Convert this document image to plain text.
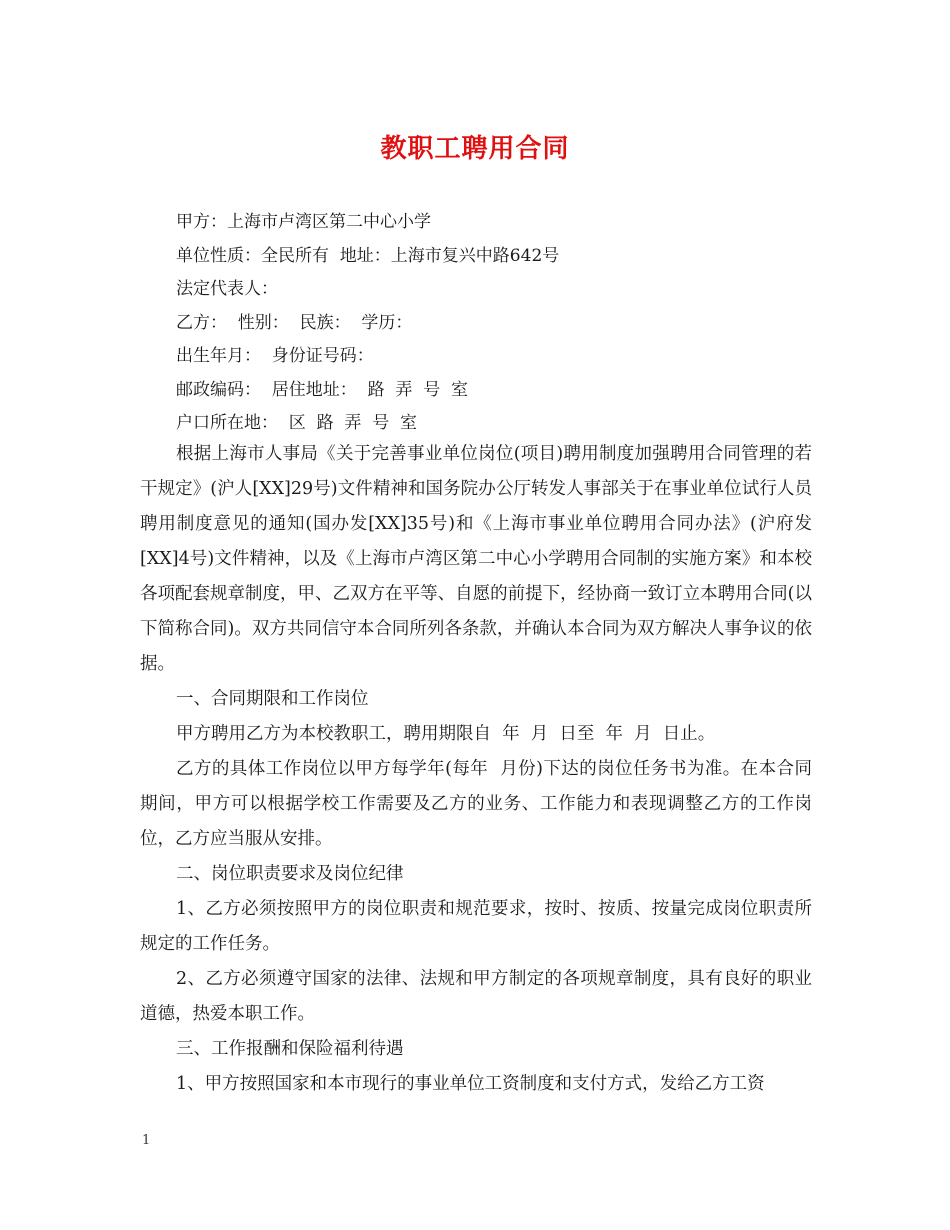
教职工聘用合同
甲方：上海市卢湾区第二中心小学
单位性质：全民所有  地址：上海市复兴中路642号
法定代表人：
乙方：  性别：  民族：  学历：
出生年月：  身份证号码：
邮政编码：  居住地址：  路  弄  号  室
户口所在地：  区  路  弄  号  室

根据上海市人事局《关于完善事业单位岗位(项目)聘用制度加强聘用合同管理的若干规定》(沪人[XX]29号)文件精神和国务院办公厅转发人事部关于在事业单位试行人员聘用制度意见的通知(国办发[XX]35号)和《上海市事业单位聘用合同办法》(沪府发[XX]4号)文件精神，以及《上海市卢湾区第二中心小学聘用合同制的实施方案》和本校各项配套规章制度，甲、乙双方在平等、自愿的前提下，经协商一致订立本聘用合同(以下简称合同)。双方共同信守本合同所列各条款，并确认本合同为双方解决人事争议的依据。

一、合同期限和工作岗位

甲方聘用乙方为本校教职工，聘用期限自  年  月  日至  年  月  日止。

乙方的具体工作岗位以甲方每学年(每年  月份)下达的岗位任务书为准。在本合同期间，甲方可以根据学校工作需要及乙方的业务、工作能力和表现调整乙方的工作岗位，乙方应当服从安排。

二、岗位职责要求及岗位纪律

1、乙方必须按照甲方的岗位职责和规范要求，按时、按质、按量完成岗位职责所规定的工作任务。

2、乙方必须遵守国家的法律、法规和甲方制定的各项规章制度，具有良好的职业道德，热爱本职工作。

三、工作报酬和保险福利待遇

1、甲方按照国家和本市现行的事业单位工资制度和支付方式，发给乙方工资

1
